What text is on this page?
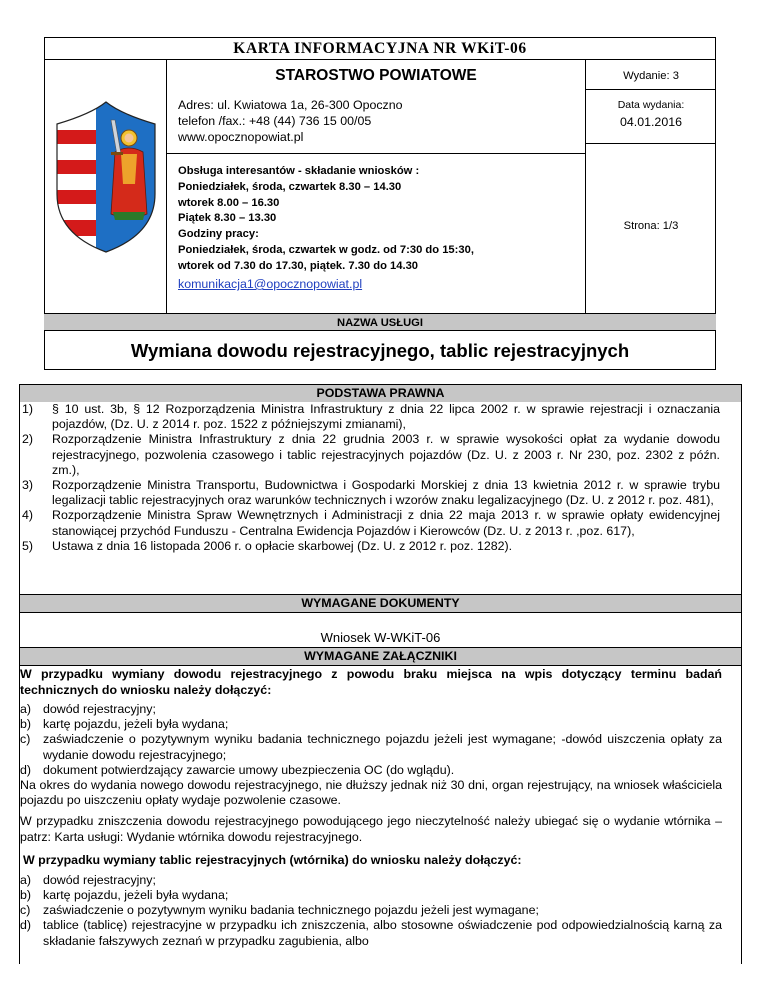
KARTA INFORMACYJNA NR WKiT-06
STAROSTWO POWIATOWE
Adres: ul. Kwiatowa 1a, 26-300 Opoczno
telefon /fax.: +48 (44) 736 15 00/05
www.opocznopowiat.pl
Obsługa interesantów - składanie wniosków :
Poniedziałek, środa, czwartek 8.30 – 14.30
wtorek 8.00 – 16.30
Piątek 8.30 – 13.30
Godziny pracy:
Poniedziałek, środa, czwartek w godz. od 7:30 do 15:30,
wtorek od 7.30 do 17.30, piątek. 7.30 do 14.30
komunikacja1@opocznopowiat.pl
Wydanie: 3
Data wydania:
04.01.2016
Strona: 1/3
NAZWA USŁUGI
Wymiana dowodu rejestracyjnego, tablic rejestracyjnych
PODSTAWA PRAWNA
1) § 10 ust. 3b, § 12 Rozporządzenia Ministra Infrastruktury z dnia 22 lipca 2002 r. w sprawie rejestracji i oznaczania pojazdów, (Dz. U. z 2014 r. poz. 1522 z późniejszymi zmianami),
2) Rozporządzenie Ministra Infrastruktury z dnia 22 grudnia 2003 r. w sprawie wysokości opłat za wydanie dowodu rejestracyjnego, pozwolenia czasowego i tablic rejestracyjnych pojazdów (Dz. U. z 2003 r. Nr 230, poz. 2302 z późn. zm.),
3) Rozporządzenie Ministra Transportu, Budownictwa i Gospodarki Morskiej z dnia 13 kwietnia 2012 r. w sprawie trybu legalizacji tablic rejestracyjnych oraz warunków technicznych i wzorów znaku legalizacyjnego (Dz. U. z 2012 r. poz. 481),
4) Rozporządzenie Ministra Spraw Wewnętrznych i Administracji z dnia 22 maja 2013 r. w sprawie opłaty ewidencyjnej stanowiącej przychód Funduszu - Centralna Ewidencja Pojazdów i Kierowców (Dz. U. z 2013 r. ,poz. 617),
5) Ustawa z dnia 16 listopada 2006 r. o opłacie skarbowej (Dz. U. z 2012 r. poz. 1282).
WYMAGANE DOKUMENTY
Wniosek W-WKiT-06
WYMAGANE ZAŁĄCZNIKI
W przypadku wymiany dowodu rejestracyjnego z powodu braku miejsca na wpis dotyczący terminu badań technicznych do wniosku należy dołączyć:
a) dowód rejestracyjny;
b) kartę pojazdu, jeżeli była wydana;
c) zaświadczenie o pozytywnym wyniku badania technicznego pojazdu jeżeli jest wymagane; -dowód uiszczenia opłaty za wydanie dowodu rejestracyjnego;
d) dokument potwierdzający zawarcie umowy ubezpieczenia OC (do wglądu).
Na okres do wydania nowego dowodu rejestracyjnego, nie dłuższy jednak niż 30 dni, organ rejestrujący, na wniosek właściciela pojazdu po uiszczeniu opłaty wydaje pozwolenie czasowe.
W przypadku zniszczenia dowodu rejestracyjnego powodującego jego nieczytelność należy ubiegać się o wydanie wtórnika – patrz: Karta usługi: Wydanie wtórnika dowodu rejestracyjnego.
W przypadku wymiany tablic rejestracyjnych (wtórnika) do wniosku należy dołączyć:
a) dowód rejestracyjny;
b) kartę pojazdu, jeżeli była wydana;
c) zaświadczenie o pozytywnym wyniku badania technicznego pojazdu jeżeli jest wymagane;
d) tablice (tablicę) rejestracyjne w przypadku ich zniszczenia, albo stosowne oświadczenie pod odpowiedzialnością karną za składanie fałszywych zeznań w przypadku zagubienia, albo
